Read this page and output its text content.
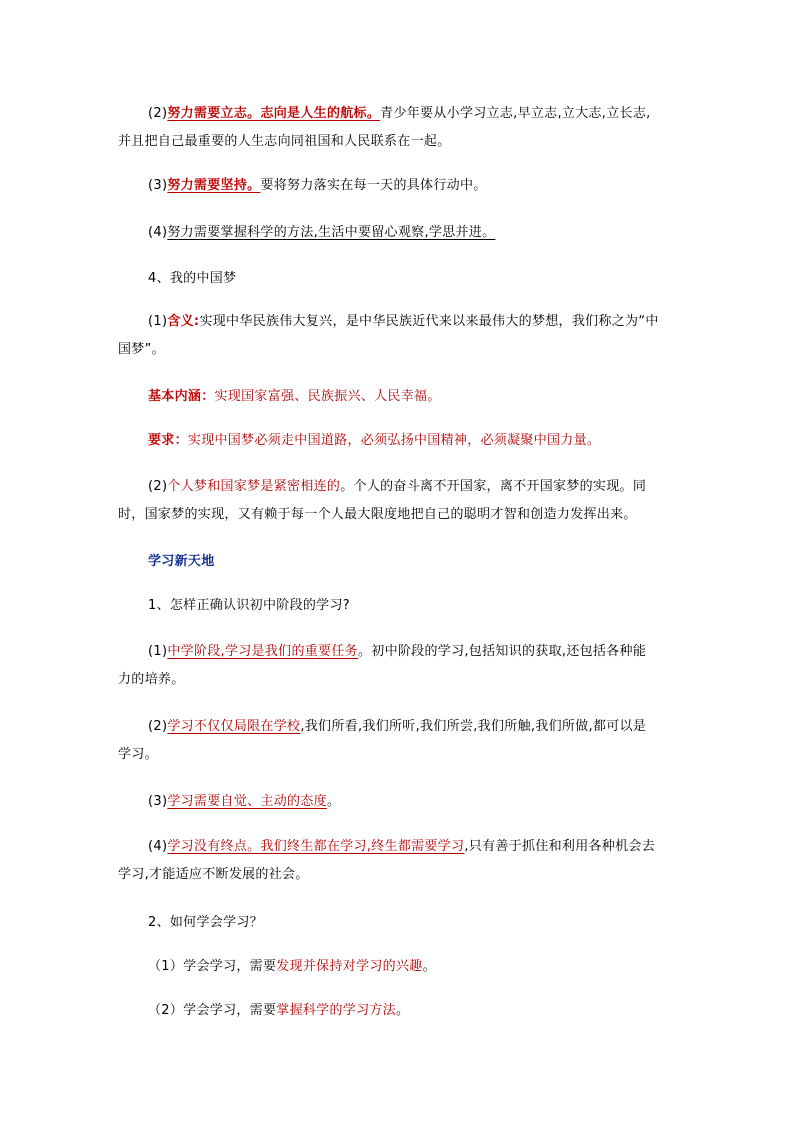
(2)努力需要立志。志向是人生的航标。青少年要从小学习立志,早立志,立大志,立长志,
并且把自己最重要的人生志向同祖国和人民联系在一起。
(3)努力需要坚持。要将努力落实在每一天的具体行动中。
(4)努力需要掌握科学的方法,生活中要留心观察,学思并进。
4、我的中国梦
(1)含义:实现中华民族伟大复兴，是中华民族近代来以来最伟大的梦想，我们称之为“中
国梦”。
基本内涵：实现国家富强、民族振兴、人民幸福。
要求：实现中国梦必须走中国道路，必须弘扬中国精神，必须凝聚中国力量。
(2)个人梦和国家梦是紧密相连的。个人的奋斗离不开国家，离不开国家梦的实现。同
时，国家梦的实现，又有赖于每一个人最大限度地把自己的聪明才智和创造力发挥出来。
学习新天地
1、怎样正确认识初中阶段的学习?
(1)中学阶段,学习是我们的重要任务。初中阶段的学习,包括知识的获取,还包括各种能
力的培养。
(2)学习不仅仅局限在学校,我们所看,我们所听,我们所尝,我们所触,我们所做,都可以是
学习。
(3)学习需要自觉、主动的态度。
(4)学习没有终点。我们终生都在学习,终生都需要学习,只有善于抓住和利用各种机会去
学习,才能适应不断发展的社会。
2、如何学会学习？
（1）学会学习，需要发现并保持对学习的兴趣。
（2）学会学习，需要掌握科学的学习方法。
